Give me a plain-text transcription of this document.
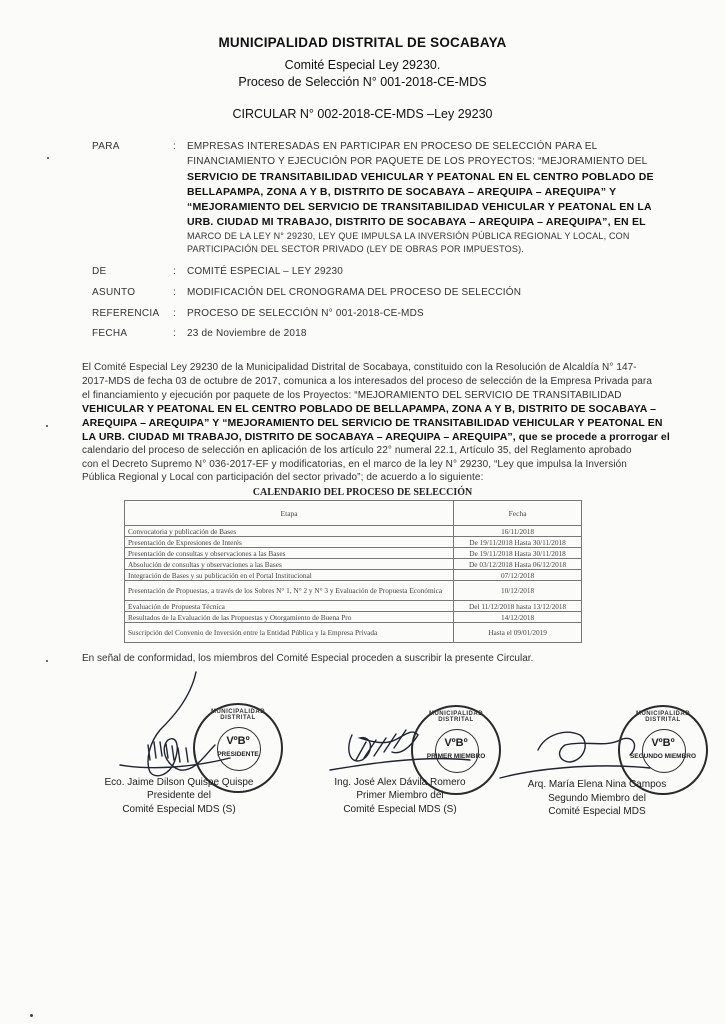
MUNICIPALIDAD DISTRITAL DE SOCABAYA
Comité Especial Ley 29230.
Proceso de Selección N° 001-2018-CE-MDS
CIRCULAR N° 002-2018-CE-MDS –Ley 29230
PARA	: EMPRESAS INTERESADAS EN PARTICIPAR EN PROCESO DE SELECCIÓN PARA EL
FINANCIAMIENTO Y EJECUCIÓN POR PAQUETE DE LOS PROYECTOS: “MEJORAMIENTO DEL
SERVICIO DE TRANSITABILIDAD VEHICULAR Y PEATONAL EN EL CENTRO POBLADO DE
BELLAPAMPA, ZONA A Y B, DISTRITO DE SOCABAYA – AREQUIPA – AREQUIPA” Y
“MEJORAMIENTO DEL SERVICIO DE TRANSITABILIDAD VEHICULAR Y PEATONAL EN LA
URB. CIUDAD MI TRABAJO, DISTRITO DE SOCABAYA – AREQUIPA – AREQUIPA”, EN EL
MARCO DE LA LEY N° 29230, LEY QUE IMPULSA LA INVERSIÓN PÚBLICA REGIONAL Y LOCAL, CON
PARTICIPACIÓN DEL SECTOR PRIVADO (LEY DE OBRAS POR IMPUESTOS).
DE	: COMITÉ ESPECIAL – LEY 29230
ASUNTO	: MODIFICACIÓN DEL CRONOGRAMA DEL PROCESO DE SELECCIÓN
REFERENCIA : PROCESO DE SELECCIÓN N° 001-2018-CE-MDS
FECHA	: 23 de Noviembre de 2018
El Comité Especial Ley 29230 de la Municipalidad Distrital de Socabaya, constituido con la Resolución de Alcaldía N° 147-
2017-MDS de fecha 03 de octubre de 2017, comunica a los interesados del proceso de selección de la Empresa Privada para
el financiamiento y ejecución por paquete de los Proyectos: “MEJORAMIENTO DEL SERVICIO DE TRANSITABILIDAD
VEHICULAR Y PEATONAL EN EL CENTRO POBLADO DE BELLAPAMPA, ZONA A Y B, DISTRITO DE SOCABAYA –
AREQUIPA – AREQUIPA” Y “MEJORAMIENTO DEL SERVICIO DE TRANSITABILIDAD VEHICULAR Y PEATONAL EN
LA URB. CIUDAD MI TRABAJO, DISTRITO DE SOCABAYA – AREQUIPA – AREQUIPA”, que se procede a prorrogar el
calendario del proceso de selección en aplicación de los artículo 22° numeral 22.1, Artículo 35, del Reglamento aprobado
con el Decreto Supremo N° 036-2017-EF y modificatorias, en el marco de la ley N° 29230, “Ley que impulsa la Inversión
Pública Regional y Local con participación del sector privado”; de acuerdo a lo siguiente:
CALENDARIO DEL PROCESO DE SELECCIÓN
Etapa	Fecha
Convocatoria y publicación de Bases	16/11/2018
Presentación de Expresiones de Interés	De 19/11/2018 Hasta 30/11/2018
Presentación de consultas y observaciones a las Bases	De 19/11/2018 Hasta 30/11/2018
Absolución de consultas y observaciones a las Bases	De 03/12/2018 Hasta 06/12/2018
Integración de Bases y su publicación en el Portal Institucional	07/12/2018
Presentación de Propuestas, a través de los Sobres N° 1, N° 2 y N° 3 y Evaluación de Propuesta Económica	10/12/2018
Evaluación de Propuesta Técnica	Del 11/12/2018 hasta 13/12/2018
Resultados de la Evaluación de las Propuestas y Otorgamiento de Buena Pro	14/12/2018
Suscripción del Convenio de Inversión entre la Entidad Pública y la Empresa Privada	Hasta el 09/01/2019
En señal de conformidad, los miembros del Comité Especial proceden a suscribir la presente Circular.
MUNICIPALIDAD DISTRITAL
VºBº
PRESIDENTE
MUNICIPALIDAD DISTRITAL
VºBº
PRIMER MIEMBRO
MUNICIPALIDAD DISTRITAL
VºBº
SEGUNDO MIEMBRO
Eco. Jaime Dilson Quispe Quispe
Presidente del
Comité Especial MDS (S)
Ing. José Alex Dávila Romero
Primer Miembro del
Comité Especial MDS (S)
Arq. María Elena Nina Campos
Segundo Miembro del
Comité Especial MDS
